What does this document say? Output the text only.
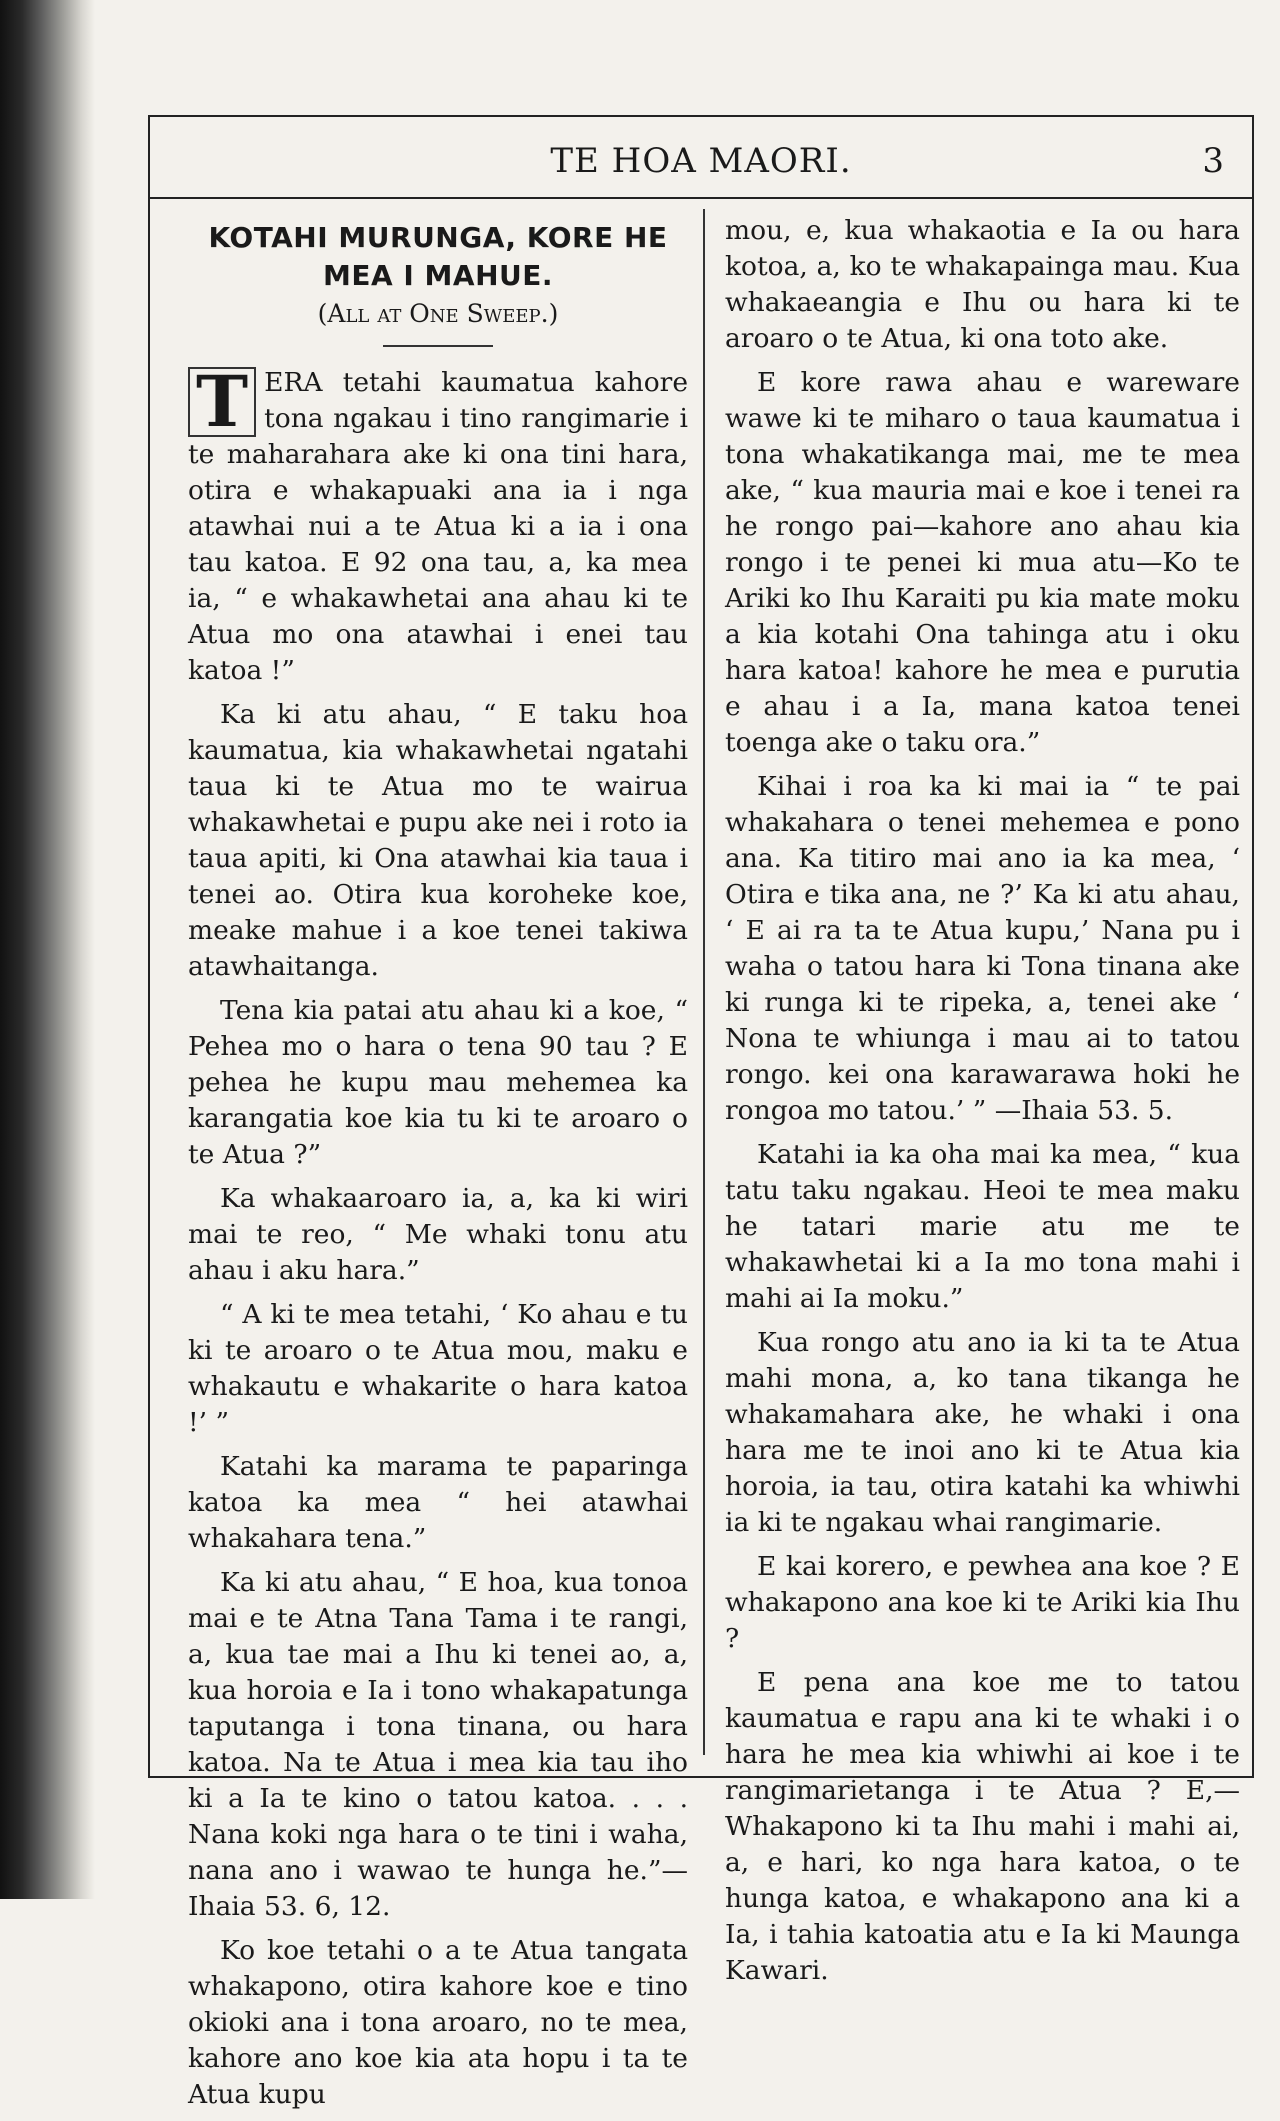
TE HOA MAORI.	3
KOTAHI MURUNGA, KORE HE MEA I MAHUE.
(All at One Sweep.)

T ERA tetahi kaumatua kahore tona ngakau i tino rangimarie i te maharahara ake ki ona tini hara, otira e whakapuaki ana ia i nga atawhai nui a te Atua ki a ia i ona tau katoa. E 92 ona tau, a, ka mea ia, “ e whakawhetai ana ahau ki te Atua mo ona atawhai i enei tau katoa !”

Ka ki atu ahau, “ E taku hoa kaumatua, kia whakawhetai ngatahi taua ki te Atua mo te wairua whakawhetai e pupu ake nei i roto ia taua apiti, ki Ona atawhai kia taua i tenei ao. Otira kua koroheke koe, meake mahue i a koe tenei takiwa atawhaitanga.

Tena kia patai atu ahau ki a koe, “ Pehea mo o hara o tena 90 tau ? E pehea he kupu mau mehemea ka karangatia koe kia tu ki te aroaro o te Atua ?”

Ka whakaaroaro ia, a, ka ki wiri mai te reo, “ Me whaki tonu atu ahau i aku hara.”

“ A ki te mea tetahi, ‘ Ko ahau e tu ki te aroaro o te Atua mou, maku e whakautu e whakarite o hara katoa !’ ”

Katahi ka marama te paparinga katoa ka mea “ hei atawhai whakahara tena.”

Ka ki atu ahau, “ E hoa, kua tonoa mai e te Atna Tana Tama i te rangi, a, kua tae mai a Ihu ki tenei ao, a, kua horoia e Ia i tono whakapatunga taputanga i tona tinana, ou hara katoa. Na te Atua i mea kia tau iho ki a Ia te kino o tatou katoa. . . . Nana koki nga hara o te tini i waha, nana ano i wawao te hunga he.”—Ihaia 53. 6, 12.

Ko koe tetahi o a te Atua tangata whakapono, otira kahore koe e tino okioki ana i tona aroaro, no te mea, kahore ano koe kia ata hopu i ta te Atua kupu

mou, e, kua whakaotia e Ia ou hara kotoa, a, ko te whakapainga mau. Kua whakaeangia e Ihu ou hara ki te aroaro o te Atua, ki ona toto ake.

E kore rawa ahau e wareware wawe ki te miharo o taua kaumatua i tona whakatikanga mai, me te mea ake, “ kua mauria mai e koe i tenei ra he rongo pai—kahore ano ahau kia rongo i te penei ki mua atu—Ko te Ariki ko Ihu Karaiti pu kia mate moku a kia kotahi Ona tahinga atu i oku hara katoa! kahore he mea e purutia e ahau i a Ia, mana katoa tenei toenga ake o taku ora.”

Kihai i roa ka ki mai ia “ te pai whakahara o tenei mehemea e pono ana. Ka titiro mai ano ia ka mea, ‘ Otira e tika ana, ne ?’ Ka ki atu ahau, ‘ E ai ra ta te Atua kupu,’ Nana pu i waha o tatou hara ki Tona tinana ake ki runga ki te ripeka, a, tenei ake ‘ Nona te whiunga i mau ai to tatou rongo. kei ona karawarawa hoki he rongoa mo tatou.’ ” —Ihaia 53. 5.

Katahi ia ka oha mai ka mea, “ kua tatu taku ngakau. Heoi te mea maku he tatari marie atu me te whakawhetai ki a Ia mo tona mahi i mahi ai Ia moku.”

Kua rongo atu ano ia ki ta te Atua mahi mona, a, ko tana tikanga he whakamahara ake, he whaki i ona hara me te inoi ano ki te Atua kia horoia, ia tau, otira katahi ka whiwhi ia ki te ngakau whai rangimarie.

E kai korero, e pewhea ana koe ? E whakapono ana koe ki te Ariki kia Ihu ?

E pena ana koe me to tatou kaumatua e rapu ana ki te whaki i o hara he mea kia whiwhi ai koe i te rangimarietanga i te Atua ? E,—Whakapono ki ta Ihu mahi i mahi ai, a, e hari, ko nga hara katoa, o te hunga katoa, e whakapono ana ki a Ia, i tahia katoatia atu e Ia ki Maunga Kawari.
